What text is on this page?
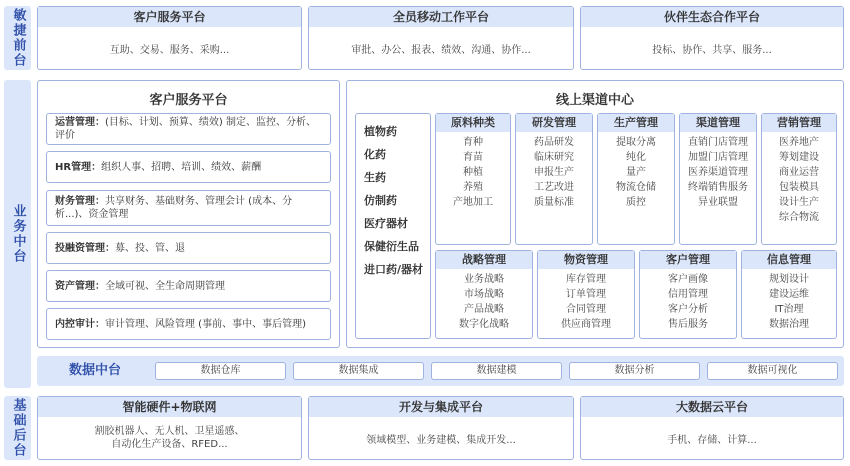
敏捷前台
业务中台
基础后台
客户服务平台
互助、交易、服务、采购...
全员移动工作平台
审批、办公、报表、绩效、沟通、协作...
伙伴生态合作平台
投标、协作、共享、服务...
客户服务平台
运营管理：(目标、计划、预算、绩效) 制定、监控、分析、评价
HR管理：组织人事、招聘、培训、绩效、薪酬
财务管理：共享财务、基础财务、管理会计 (成本、分析...)、资金管理
投融资管理：募、投、管、退
资产管理：全域可视、全生命周期管理
内控审计：审计管理、风险管理 (事前、事中、事后管理)
线上渠道中心
植物药
化药
生药
仿制药
医疗器材
保健衍生品
进口药/器材
原料种类
育种
育苗
种植
养殖
产地加工
研发管理
药品研发
临床研究
申报生产
工艺改进
质量标准
生产管理
提取分离
纯化
量产
物流仓储
质控
渠道管理
直销门店管理
加盟门店管理
医养渠道管理
终端销售服务
异业联盟
营销管理
医养地产
筹划建设
商业运营
包装模具
设计生产
综合物流
战略管理
业务战略
市场战略
产品战略
数字化战略
物资管理
库存管理
订单管理
合同管理
供应商管理
客户管理
客户画像
信用管理
客户分析
售后服务
信息管理
规划设计
建设运维
IT治理
数据治理
数据中台	数据仓库	数据集成	数据建模	数据分析	数据可视化
智能硬件+物联网
割胶机器人、无人机、卫星遥感、
自动化生产设备、RFED...
开发与集成平台
领域模型、业务建模、集成开发...
大数据云平台
手机、存储、计算...
